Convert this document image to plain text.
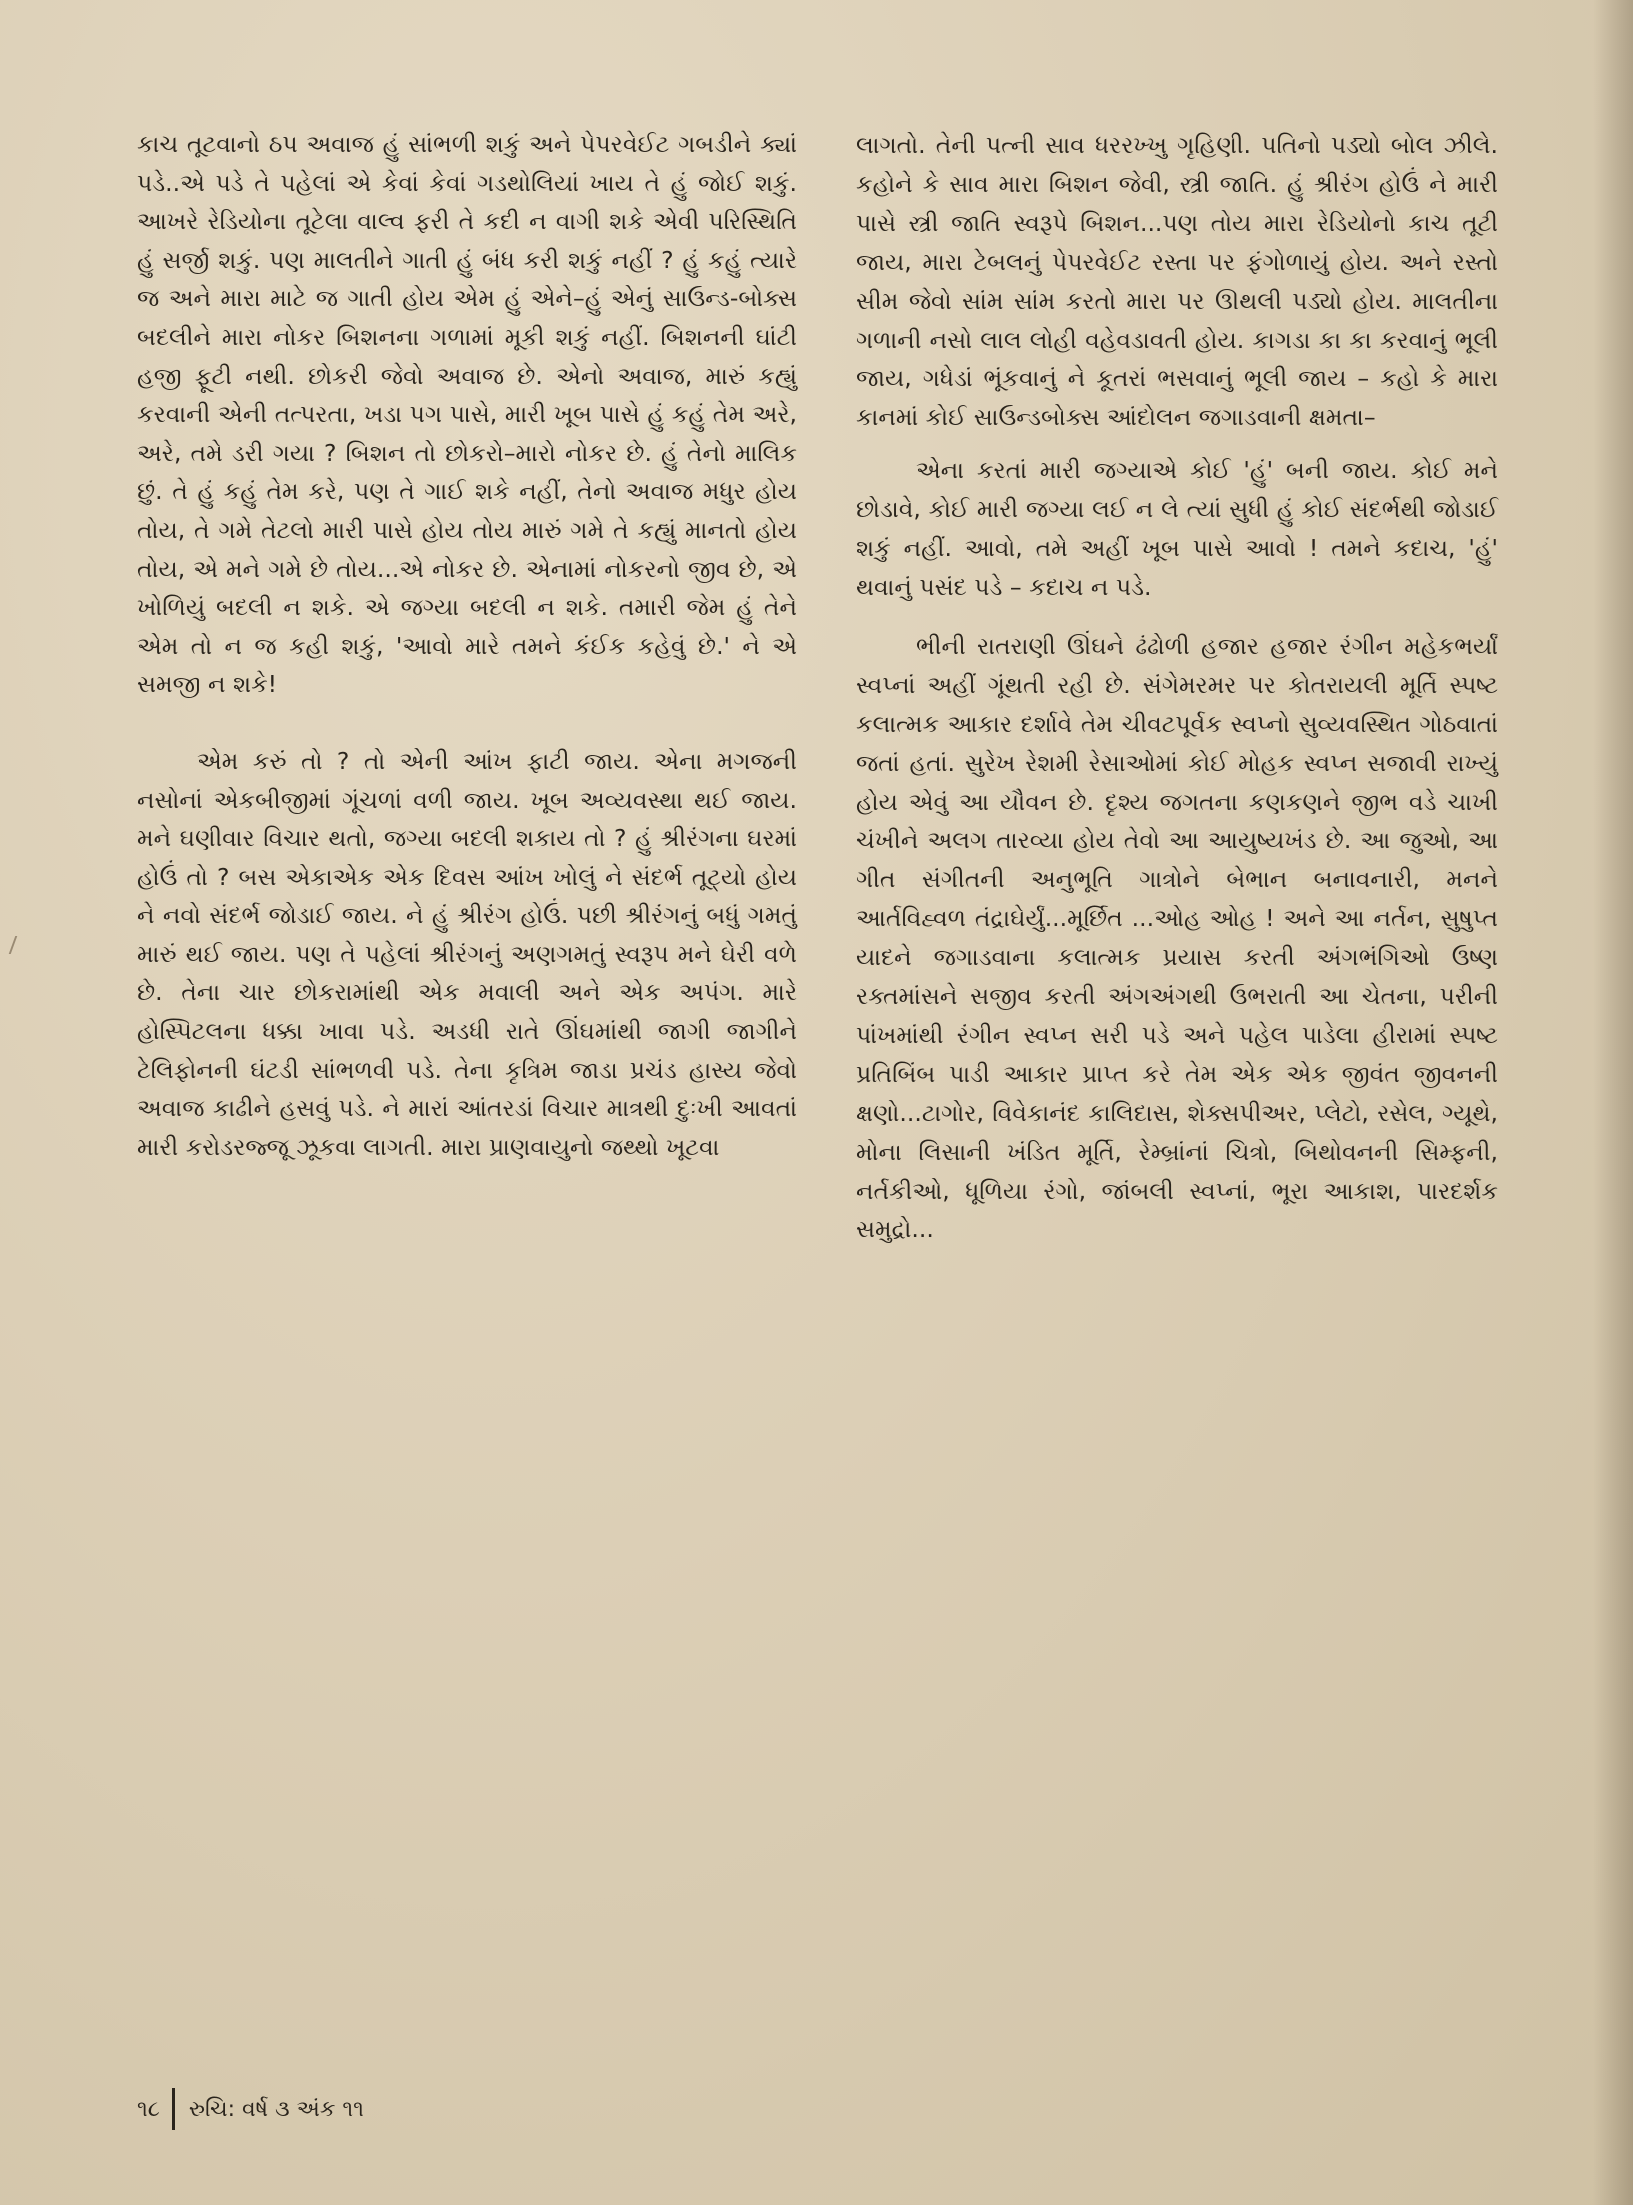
કાચ તૂટવાનો ઠપ અવાજ હું સાંભળી શકું અને પેપરવેઈટ ગબડીને ક્યાં પડે..એ પડે તે પહેલાં એ કેવાં કેવાં ગડથોલિયાં ખાય તે હું જોઈ શકું. આખરે રેડિયોના તૂટેલા વાલ્વ ફરી તે કદી ન વાગી શકે એવી પરિસ્થિતિ હું સર્જી શકું. પણ માલતીને ગાતી હું બંધ કરી શકું નહીં ? હું કહું ત્યારે જ અને મારા માટે જ ગાતી હોય એમ હું એને–હું એનું સાઉન્ડ-બોક્સ બદલીને મારા નોકર બિશનના ગળામાં મૂકી શકું નહીં. બિશનની ઘાંટી હજી ફૂટી નથી. છોકરી જેવો અવાજ છે. એનો અવાજ, મારું કહ્યું કરવાની એની તત્પરતા, ખડા પગ પાસે, મારી ખૂબ પાસે હું કહું તેમ અરે, અરે, તમે ડરી ગયા ? બિશન તો છોકરો–મારો નોકર છે. હું તેનો માલિક છું. તે હું કહું તેમ કરે, પણ તે ગાઈ શકે નહીં, તેનો અવાજ મધુર હોય તોય, તે ગમે તેટલો મારી પાસે હોય તોય મારું ગમે તે કહ્યું માનતો હોય તોય, એ મને ગમે છે તોય...એ નોકર છે. એનામાં નોકરનો જીવ છે, એ ખોળિયું બદલી ન શકે. એ જગ્યા બદલી ન શકે. તમારી જેમ હું તેને એમ તો ન જ કહી શકું, 'આવો મારે તમને કંઈક કહેવું છે.' ને એ સમજી ન શકે!

એમ કરું તો ? તો એની આંખ ફાટી જાય. એના મગજની નસોનાં એકબીજીમાં ગૂંચળાં વળી જાય. ખૂબ અવ્યવસ્થા થઈ જાય. મને ઘણીવાર વિચાર થતો, જગ્યા બદલી શકાય તો ? હું શ્રીરંગના ઘરમાં હોઉં તો ? બસ એકાએક એક દિવસ આંખ ખોલું ને સંદર્ભ તૂટ્યો હોય ને નવો સંદર્ભ જોડાઈ જાય. ને હું શ્રીરંગ હોઉં. પછી શ્રીરંગનું બધું ગમતું મારું થઈ જાય. પણ તે પહેલાં શ્રીરંગનું અણગમતું સ્વરૂપ મને ઘેરી વળે છે. તેના ચાર છોકરામાંથી એક મવાલી અને એક અપંગ. મારે હોસ્પિટલના ધક્કા ખાવા પડે. અડધી રાતે ઊંઘમાંથી જાગી જાગીને ટેલિફોનની ઘંટડી સાંભળવી પડે. તેના કૃત્રિમ જાડા પ્રચંડ હાસ્ય જેવો અવાજ કાઢીને હસવું પડે. ને મારાં આંતરડાં વિચાર માત્રથી દુઃખી આવતાં મારી કરોડરજ્જૂ ઝૂકવા લાગતી. મારા પ્રાણવાયુનો જથ્થો ખૂટવા

લાગતો. તેની પત્ની સાવ ધરરખ્ખુ ગૃહિણી. પતિનો પડ્યો બોલ ઝીલે. કહોને કે સાવ મારા બિશન જેવી, સ્ત્રી જાતિ. હું શ્રીરંગ હોઉં ને મારી પાસે સ્ત્રી જાતિ સ્વરૂપે બિશન...પણ તોય મારા રેડિયોનો કાચ તૂટી જાય, મારા ટેબલનું પેપરવેઈટ રસ્તા પર ફંગોળાયું હોય. અને રસ્તો સીમ જેવો સાંમ સાંમ કરતો મારા પર ઊથલી પડ્યો હોય. માલતીના ગળાની નસો લાલ લોહી વહેવડાવતી હોય. કાગડા કા કા કરવાનું ભૂલી જાય, ગધેડાં ભૂંકવાનું ને કૂતરાં ભસવાનું ભૂલી જાય – કહો કે મારા કાનમાં કોઈ સાઉન્ડબોક્સ આંદોલન જગાડવાની ક્ષમતા–

એના કરતાં મારી જગ્યાએ કોઈ 'હું' બની જાય. કોઈ મને છોડાવે, કોઈ મારી જગ્યા લઈ ન લે ત્યાં સુધી હું કોઈ સંદર્ભથી જોડાઈ શકું નહીં. આવો, તમે અહીં ખૂબ પાસે આવો ! તમને કદાચ, 'હું' થવાનું પસંદ પડે – કદાચ ન પડે.

ભીની રાતરાણી ઊંઘને ઢંઢોળી હજાર હજાર રંગીન મહેકભર્યાં સ્વપ્નાં અહીં ગૂંથતી રહી છે. સંગેમરમર પર કોતરાયલી મૂર્તિ સ્પષ્ટ કલાત્મક આકાર દર્શાવે તેમ ચીવટપૂર્વક સ્વપ્નો સુવ્યવસ્થિત ગોઠવાતાં જતાં હતાં. સુરેખ રેશમી રેસાઓમાં કોઈ મોહક સ્વપ્ન સજાવી રાખ્યું હોય એવું આ યૌવન છે. દૃશ્ય જગતના કણકણને જીભ વડે ચાખી ચંખીને અલગ તારવ્યા હોય તેવો આ આયુષ્યખંડ છે. આ જુઓ, આ ગીત સંગીતની અનુભૂતિ ગાત્રોને બેભાન બનાવનારી, મનને આર્તવિહ્વળ તંદ્રાઘેર્યું...મૂર્છિત ...ઓહ ઓહ ! અને આ નર્તન, સુષુપ્ત યાદને જગાડવાના કલાત્મક પ્રયાસ કરતી અંગભંગિઓ ઉષ્ણ રક્તમાંસને સજીવ કરતી અંગઅંગથી ઉભરાતી આ ચેતના, પરીની પાંખમાંથી રંગીન સ્વપ્ન સરી પડે અને પહેલ પાડેલા હીરામાં સ્પષ્ટ પ્રતિબિંબ પાડી આકાર પ્રાપ્ત કરે તેમ એક એક જીવંત જીવનની ક્ષણો...ટાગોર, વિવેકાનંદ કાલિદાસ, શેક્સપીઅર, પ્લેટો, રસેલ, ગ્યૂથે, મોના લિસાની ખંડિત મૂર્તિ, રેમ્બ્રાંનાં ચિત્રો, બિથોવનની સિમ્ફની, નર્તકીઓ, ધૂળિયા રંગો, જાંબલી સ્વપ્નાં, ભૂરા આકાશ, પારદર્શક સમુદ્રો...

૧૮	રુચિ: વર્ષ ૩ અંક ૧૧
